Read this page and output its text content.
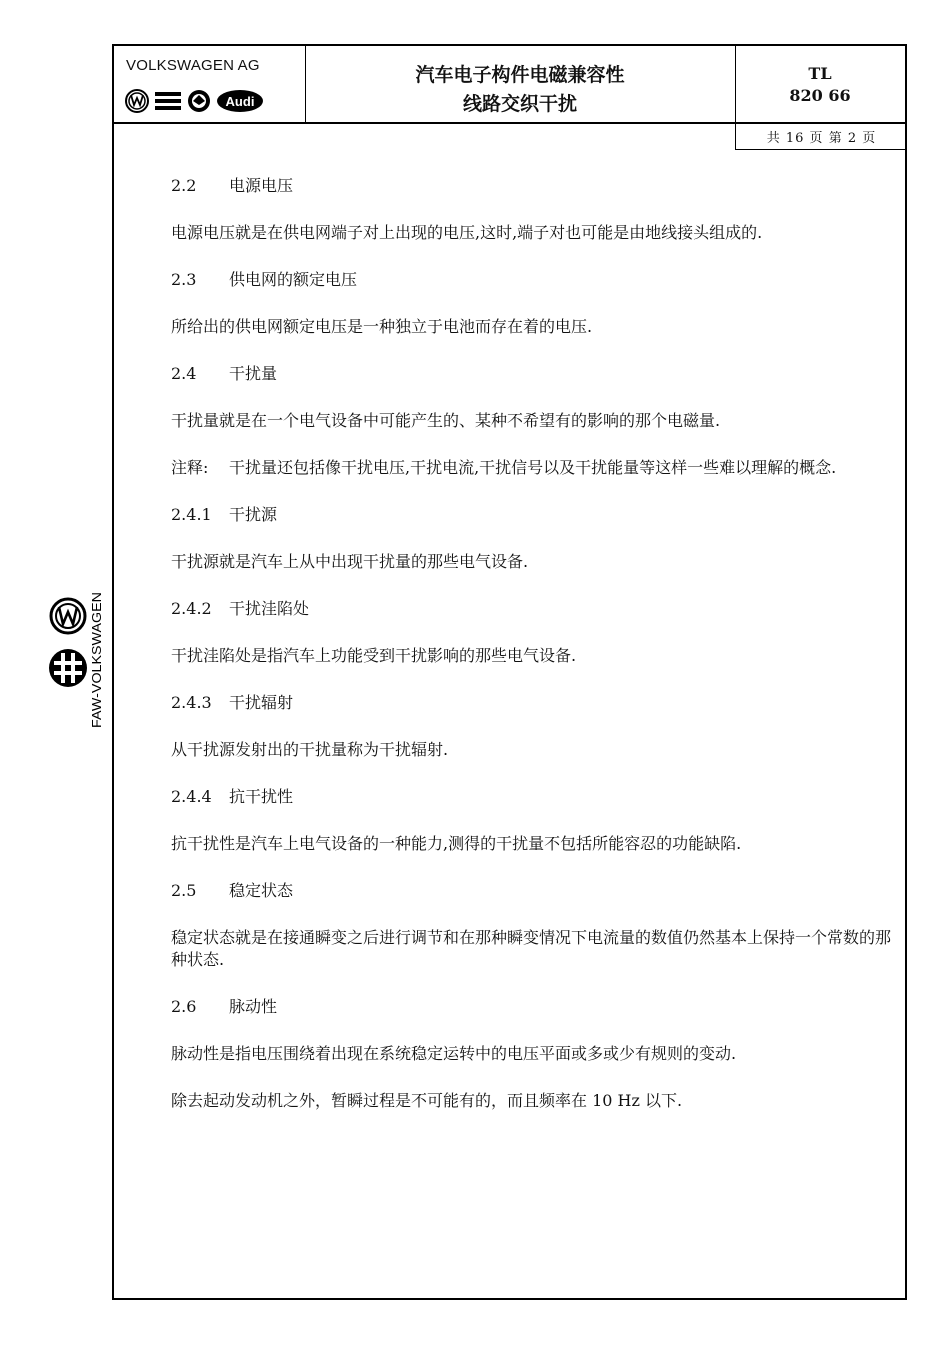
VOLKSWAGEN AG
Audi
汽车电子构件电磁兼容性
线路交织干扰
TL
820 66
共 16 页 第 2 页
FAW-VOLKSWAGEN
2.2 电源电压
电源电压就是在供电网端子对上出现的电压,这时,端子对也可能是由地线接头组成的.
2.3 供电网的额定电压
所给出的供电网额定电压是一种独立于电池而存在着的电压.
2.4 干扰量
干扰量就是在一个电气设备中可能产生的、某种不希望有的影响的那个电磁量.
注释:	干扰量还包括像干扰电压,干扰电流,干扰信号以及干扰能量等这样一些难以理解的概念.
2.4.1 干扰源
干扰源就是汽车上从中出现干扰量的那些电气设备.
2.4.2 干扰洼陷处
干扰洼陷处是指汽车上功能受到干扰影响的那些电气设备.
2.4.3 干扰辐射
从干扰源发射出的干扰量称为干扰辐射.
2.4.4 抗干扰性
抗干扰性是汽车上电气设备的一种能力,测得的干扰量不包括所能容忍的功能缺陷.
2.5 稳定状态
稳定状态就是在接通瞬变之后进行调节和在那种瞬变情况下电流量的数值仍然基本上保持一个常数的那种状态.
2.6 脉动性
脉动性是指电压围绕着出现在系统稳定运转中的电压平面或多或少有规则的变动.
除去起动发动机之外，暂瞬过程是不可能有的，而且频率在 10 Hz 以下.
